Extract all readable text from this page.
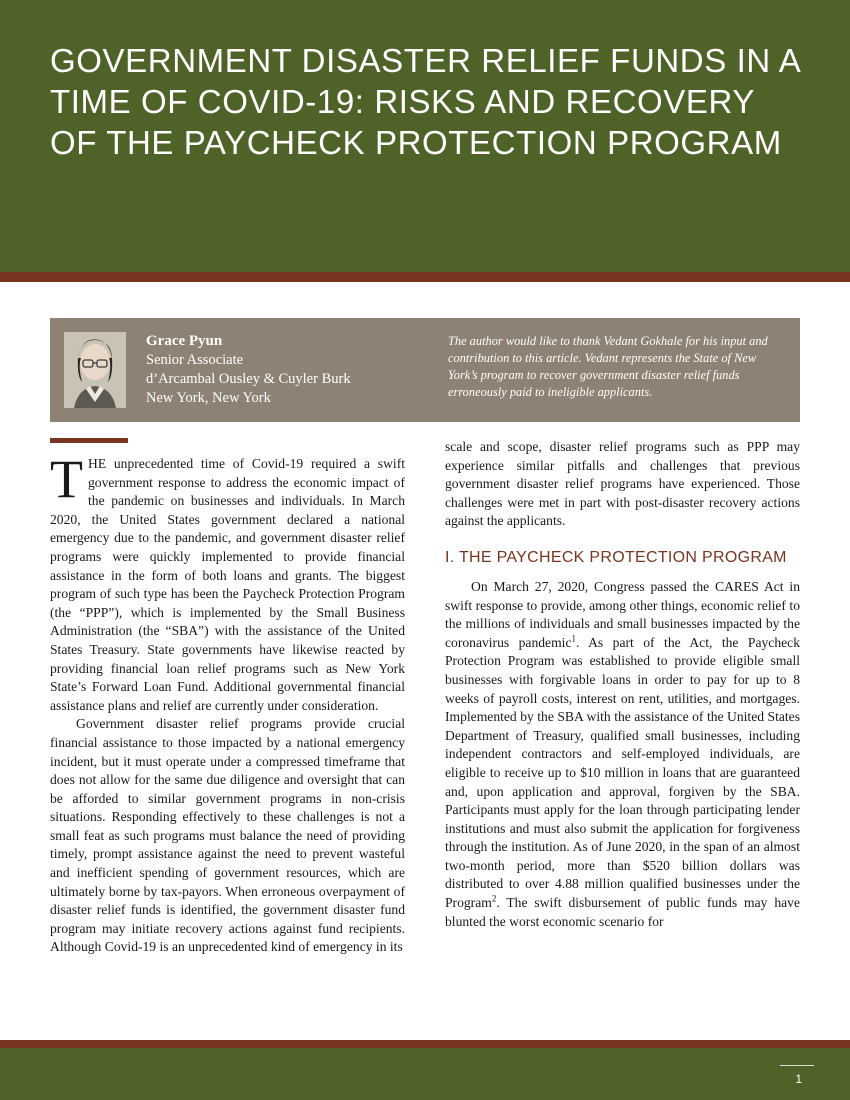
GOVERNMENT DISASTER RELIEF FUNDS IN A TIME OF COVID-19: RISKS AND RECOVERY OF THE PAYCHECK PROTECTION PROGRAM
Grace Pyun
Senior Associate
d’Arcambal Ousley & Cuyler Burk
New York, New York
The author would like to thank Vedant Gokhale for his input and contribution to this article. Vedant represents the State of New York’s program to recover government disaster relief funds erroneously paid to ineligible applicants.

THE unprecedented time of Covid-19 required a swift government response to address the economic impact of the pandemic on businesses and individuals. In March 2020, the United States government declared a national emergency due to the pandemic, and government disaster relief programs were quickly implemented to provide financial assistance in the form of both loans and grants. The biggest program of such type has been the Paycheck Protection Program (the “PPP”), which is implemented by the Small Business Administration (the “SBA”) with the assistance of the United States Treasury. State governments have likewise reacted by providing financial loan relief programs such as New York State’s Forward Loan Fund. Additional governmental financial assistance plans and relief are currently under consideration.

Government disaster relief programs provide crucial financial assistance to those impacted by a national emergency incident, but it must operate under a compressed timeframe that does not allow for the same due diligence and oversight that can be afforded to similar government programs in non-crisis situations. Responding effectively to these challenges is not a small feat as such programs must balance the need of providing timely, prompt assistance against the need to prevent wasteful and inefficient spending of government resources, which are ultimately borne by tax-payors. When erroneous overpayment of disaster relief funds is identified, the government disaster fund program may initiate recovery actions against fund recipients. Although Covid-19 is an unprecedented kind of emergency in its

scale and scope, disaster relief programs such as PPP may experience similar pitfalls and challenges that previous government disaster relief programs have experienced. Those challenges were met in part with post-disaster recovery actions against the applicants.

I. THE PAYCHECK PROTECTION PROGRAM

On March 27, 2020, Congress passed the CARES Act in swift response to provide, among other things, economic relief to the millions of individuals and small businesses impacted by the coronavirus pandemic$^1$. As part of the Act, the Paycheck Protection Program was established to provide eligible small businesses with forgivable loans in order to pay for up to 8 weeks of payroll costs, interest on rent, utilities, and mortgages. Implemented by the SBA with the assistance of the United States Department of Treasury, qualified small businesses, including independent contractors and self-employed individuals, are eligible to receive up to $10 million in loans that are guaranteed and, upon application and approval, forgiven by the SBA. Participants must apply for the loan through participating lender institutions and must also submit the application for forgiveness through the institution. As of June 2020, in the span of an almost two-month period, more than $520 billion dollars was distributed to over 4.88 million qualified businesses under the Program$^2$. The swift disbursement of public funds may have blunted the worst economic scenario for

1
